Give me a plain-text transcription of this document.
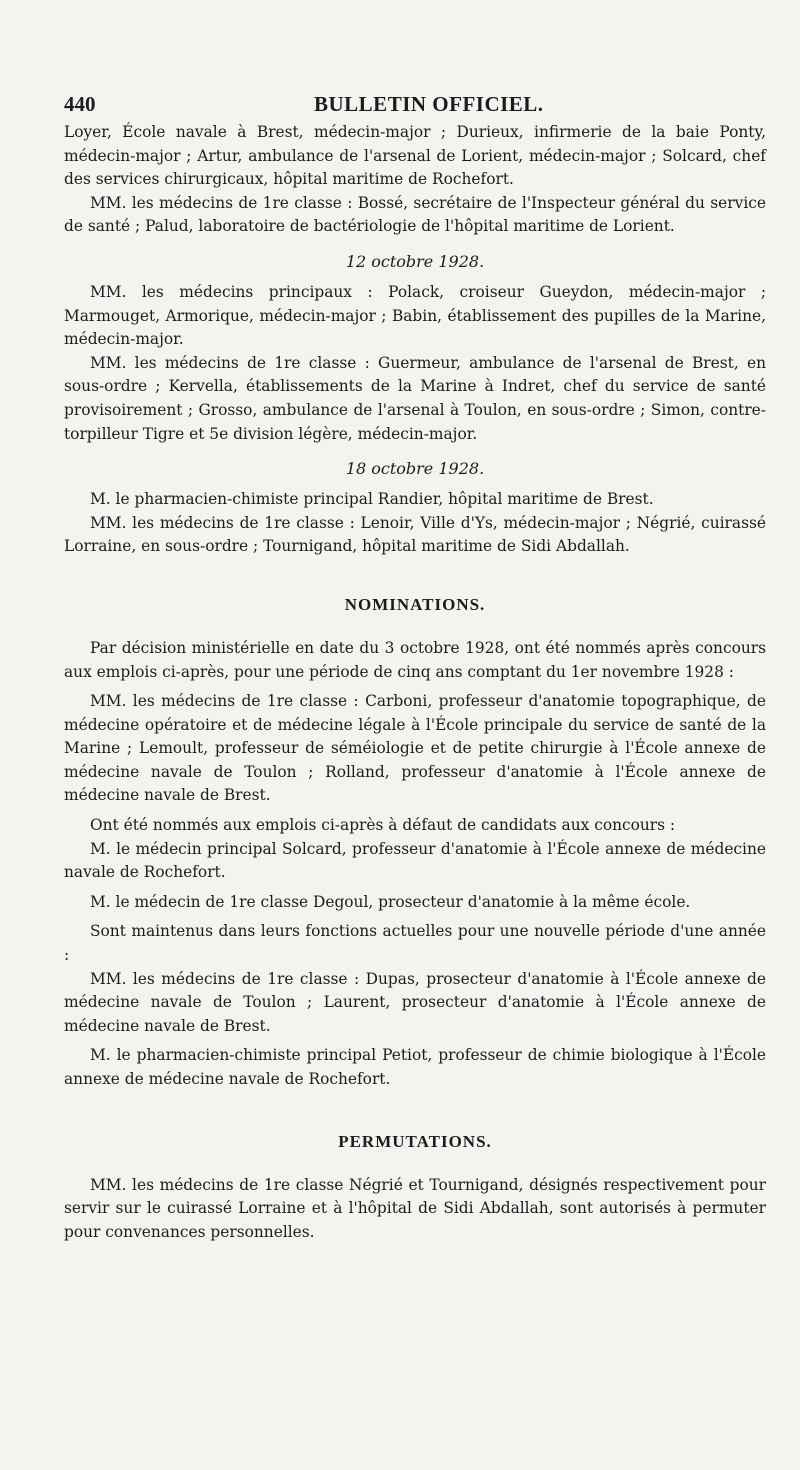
440	BULLETIN OFFICIEL.

Loyer, École navale à Brest, médecin-major ; Durieux, infirmerie de la baie Ponty, médecin-major ; Artur, ambulance de l'arsenal de Lorient, médecin-major ; Solcard, chef des services chirurgicaux, hôpital maritime de Rochefort.

MM. les médecins de 1re classe : Bossé, secrétaire de l'Inspecteur général du service de santé ; Palud, laboratoire de bactériologie de l'hôpital maritime de Lorient.

12 octobre 1928.

MM. les médecins principaux : Polack, croiseur Gueydon, médecin-major ; Marmouget, Armorique, médecin-major ; Babin, établissement des pupilles de la Marine, médecin-major.

MM. les médecins de 1re classe : Guermeur, ambulance de l'arsenal de Brest, en sous-ordre ; Kervella, établissements de la Marine à Indret, chef du service de santé provisoirement ; Grosso, ambulance de l'arsenal à Toulon, en sous-ordre ; Simon, contre-torpilleur Tigre et 5e division légère, médecin-major.

18 octobre 1928.

M. le pharmacien-chimiste principal Randier, hôpital maritime de Brest.

MM. les médecins de 1re classe : Lenoir, Ville d'Ys, médecin-major ; Négrié, cuirassé Lorraine, en sous-ordre ; Tournigand, hôpital maritime de Sidi Abdallah.

NOMINATIONS.

Par décision ministérielle en date du 3 octobre 1928, ont été nommés après concours aux emplois ci-après, pour une période de cinq ans comptant du 1er novembre 1928 :

MM. les médecins de 1re classe : Carboni, professeur d'anatomie topographique, de médecine opératoire et de médecine légale à l'École principale du service de santé de la Marine ; Lemoult, professeur de séméiologie et de petite chirurgie à l'École annexe de médecine navale de Toulon ; Rolland, professeur d'anatomie à l'École annexe de médecine navale de Brest.

Ont été nommés aux emplois ci-après à défaut de candidats aux concours :

M. le médecin principal Solcard, professeur d'anatomie à l'École annexe de médecine navale de Rochefort.

M. le médecin de 1re classe Degoul, prosecteur d'anatomie à la même école.

Sont maintenus dans leurs fonctions actuelles pour une nouvelle période d'une année :

MM. les médecins de 1re classe : Dupas, prosecteur d'anatomie à l'École annexe de médecine navale de Toulon ; Laurent, prosecteur d'anatomie à l'École annexe de médecine navale de Brest.

M. le pharmacien-chimiste principal Petiot, professeur de chimie biologique à l'École annexe de médecine navale de Rochefort.

PERMUTATIONS.

MM. les médecins de 1re classe Négrié et Tournigand, désignés respectivement pour servir sur le cuirassé Lorraine et à l'hôpital de Sidi Abdallah, sont autorisés à permuter pour convenances personnelles.
